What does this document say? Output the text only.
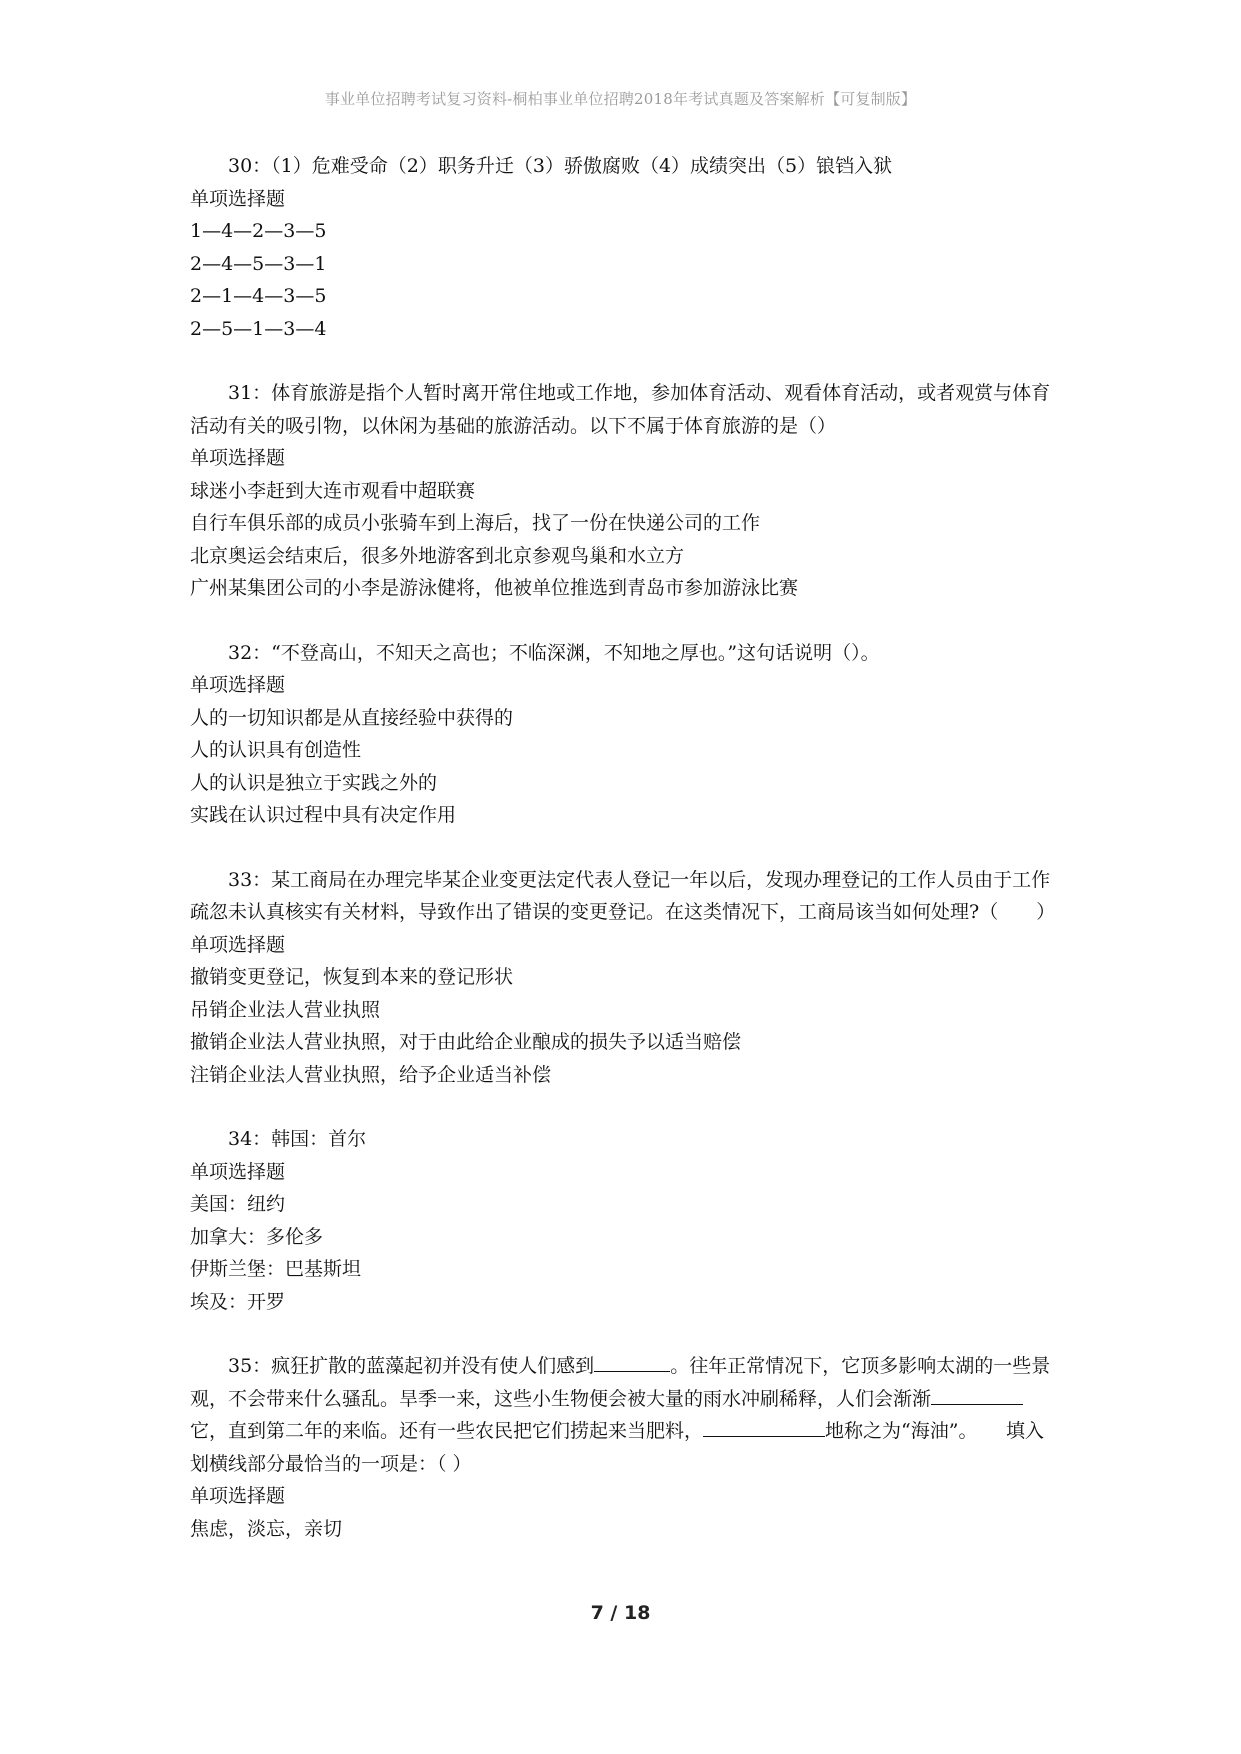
事业单位招聘考试复习资料-桐柏事业单位招聘2018年考试真题及答案解析【可复制版】

30：（1）危难受命（2）职务升迁（3）骄傲腐败（4）成绩突出（5）锒铛入狱

单项选择题

1—4—2—3—5

2—4—5—3—1

2—1—4—3—5

2—5—1—3—4

31：体育旅游是指个人暂时离开常住地或工作地，参加体育活动、观看体育活动，或者观赏与体育活动有关的吸引物，以休闲为基础的旅游活动。以下不属于体育旅游的是（）

单项选择题

球迷小李赶到大连市观看中超联赛

自行车俱乐部的成员小张骑车到上海后，找了一份在快递公司的工作

北京奥运会结束后，很多外地游客到北京参观鸟巢和水立方

广州某集团公司的小李是游泳健将，他被单位推选到青岛市参加游泳比赛

32：“不登高山，不知天之高也；不临深渊，不知地之厚也。”这句话说明（）。

单项选择题

人的一切知识都是从直接经验中获得的

人的认识具有创造性

人的认识是独立于实践之外的

实践在认识过程中具有决定作用

33：某工商局在办理完毕某企业变更法定代表人登记一年以后，发现办理登记的工作人员由于工作疏忽未认真核实有关材料，导致作出了错误的变更登记。在这类情况下，工商局该当如何处理?（　　）

单项选择题

撤销变更登记，恢复到本来的登记形状

吊销企业法人营业执照

撤销企业法人营业执照，对于由此给企业酿成的损失予以适当赔偿

注销企业法人营业执照，给予企业适当补偿

34：韩国：首尔

单项选择题

美国：纽约

加拿大：多伦多

伊斯兰堡：巴基斯坦

埃及：开罗

35：疯狂扩散的蓝藻起初并没有使人们感到	。往年正常情况下，它顶多影响太湖的一些景观，不会带来什么骚乱。旱季一来，这些小生物便会被大量的雨水冲刷稀释，人们会渐渐它，直到第二年的来临。还有一些农民把它们捞起来当肥料，	地称之为“海油”。　　填入划横线部分最恰当的一项是：（ ）

单项选择题

焦虑，淡忘，亲切

7 / 18
